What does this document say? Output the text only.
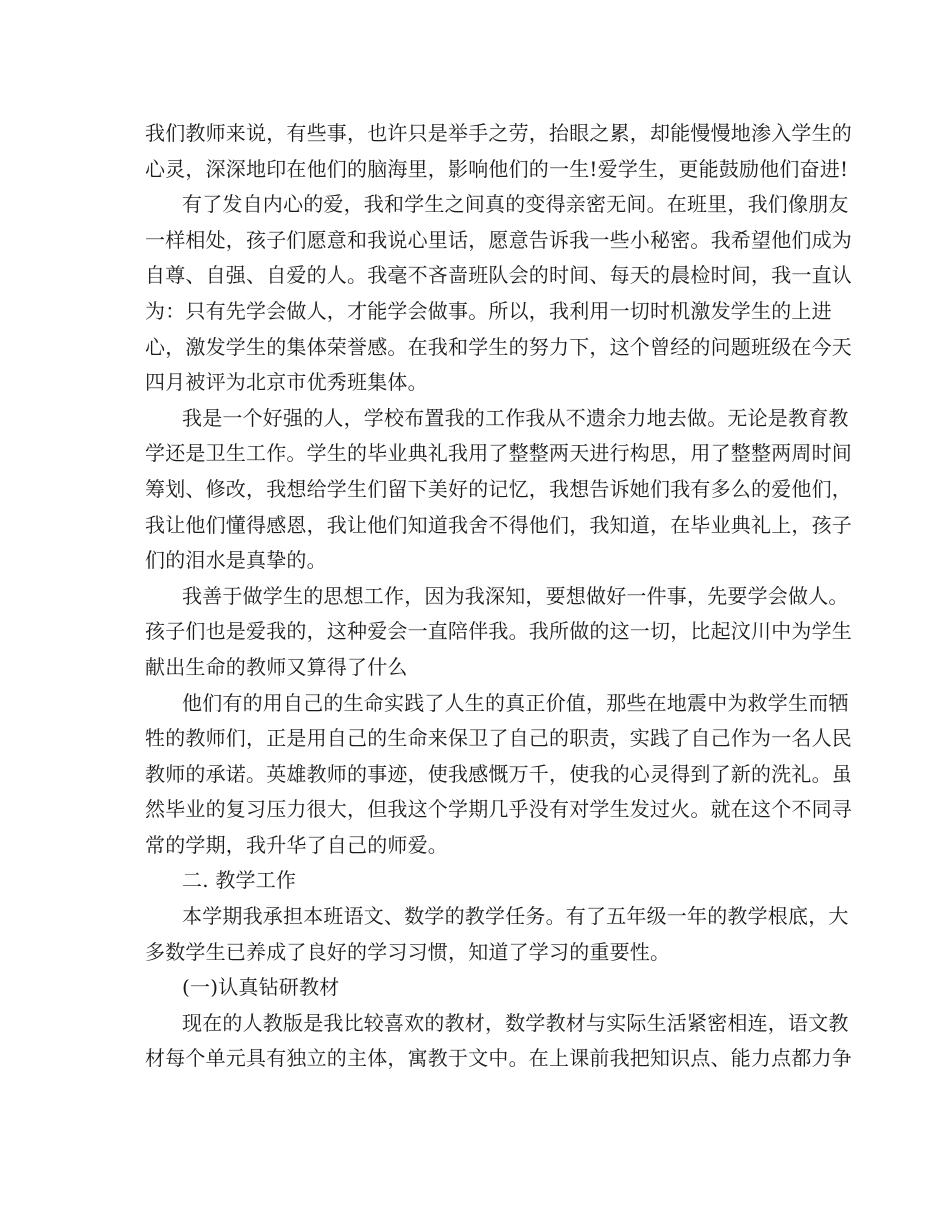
我们教师来说，有些事，也许只是举手之劳，抬眼之累，却能慢慢地渗入学生的
心灵，深深地印在他们的脑海里，影响他们的一生!爱学生，更能鼓励他们奋进!
有了发自内心的爱，我和学生之间真的变得亲密无间。在班里，我们像朋友
一样相处，孩子们愿意和我说心里话，愿意告诉我一些小秘密。我希望他们成为
自尊、自强、自爱的人。我毫不吝啬班队会的时间、每天的晨检时间，我一直认
为：只有先学会做人，才能学会做事。所以，我利用一切时机激发学生的上进
心，激发学生的集体荣誉感。在我和学生的努力下，这个曾经的问题班级在今天
四月被评为北京市优秀班集体。
我是一个好强的人，学校布置我的工作我从不遗余力地去做。无论是教育教
学还是卫生工作。学生的毕业典礼我用了整整两天进行构思，用了整整两周时间
筹划、修改，我想给学生们留下美好的记忆，我想告诉她们我有多么的爱他们，
我让他们懂得感恩，我让他们知道我舍不得他们，我知道，在毕业典礼上，孩子
们的泪水是真挚的。
我善于做学生的思想工作，因为我深知，要想做好一件事，先要学会做人。
孩子们也是爱我的，这种爱会一直陪伴我。我所做的这一切，比起汶川中为学生
献出生命的教师又算得了什么
他们有的用自己的生命实践了人生的真正价值，那些在地震中为救学生而牺
牲的教师们，正是用自己的生命来保卫了自己的职责，实践了自己作为一名人民
教师的承诺。英雄教师的事迹，使我感慨万千，使我的心灵得到了新的洗礼。虽
然毕业的复习压力很大，但我这个学期几乎没有对学生发过火。就在这个不同寻
常的学期，我升华了自己的师爱。
二. 教学工作
本学期我承担本班语文、数学的教学任务。有了五年级一年的教学根底，大
多数学生已养成了良好的学习习惯，知道了学习的重要性。
(一)认真钻研教材
现在的人教版是我比较喜欢的教材，数学教材与实际生活紧密相连，语文教
材每个单元具有独立的主体，寓教于文中。在上课前我把知识点、能力点都力争
